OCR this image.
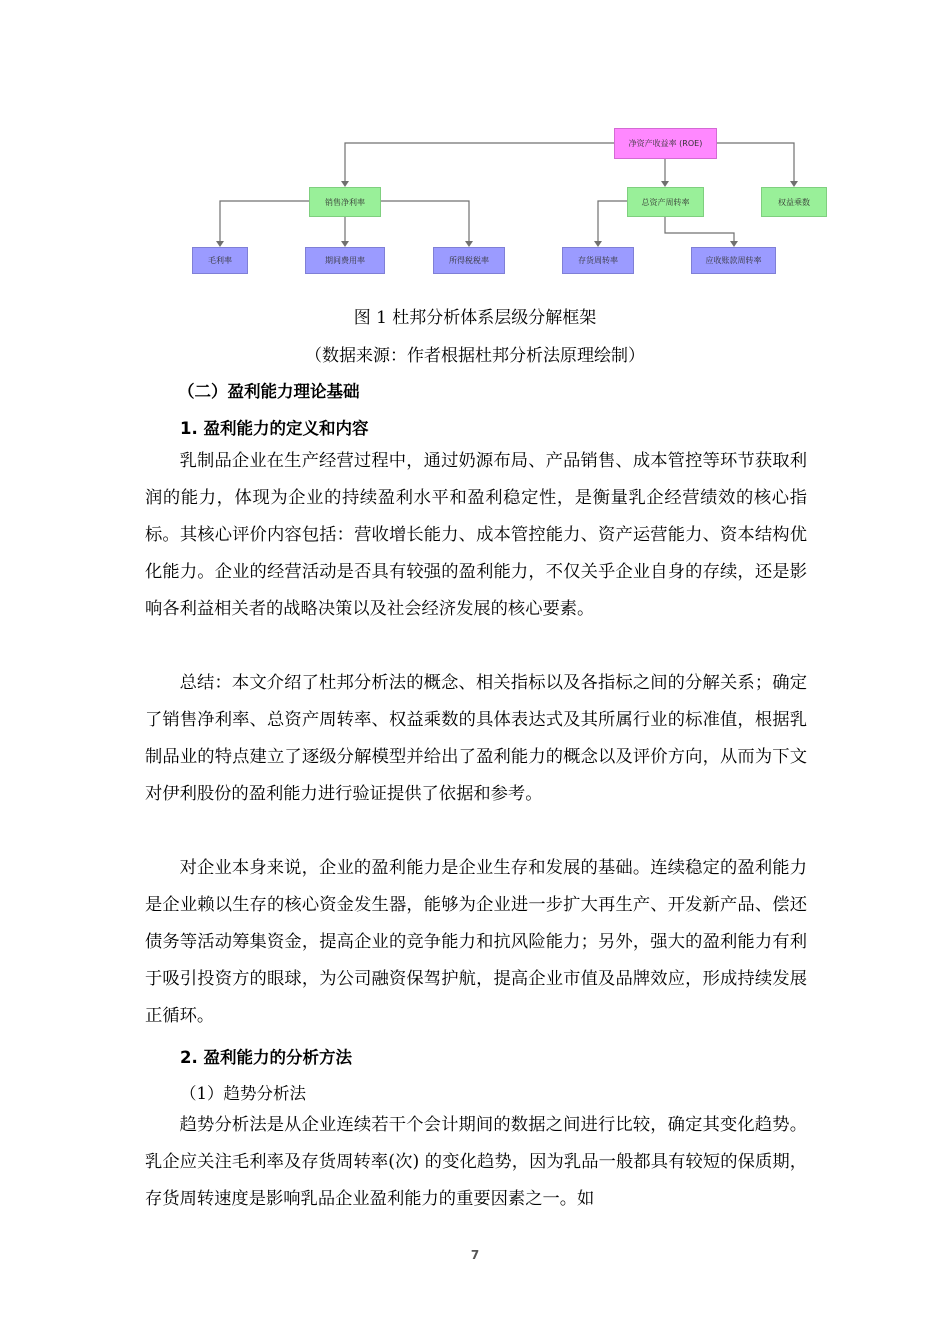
净资产收益率 (ROE)
销售净利率	总资产周转率	权益乘数
毛利率	期间费用率	所得税税率	存货周转率	应收账款周转率
图 1 杜邦分析体系层级分解框架
（数据来源：作者根据杜邦分析法原理绘制）

（二）盈利能力理论基础

1. 盈利能力的定义和内容

乳制品企业在生产经营过程中，通过奶源布局、产品销售、成本管控等环节获取利润的能力，体现为企业的持续盈利水平和盈利稳定性，是衡量乳企经营绩效的核心指标。其核心评价内容包括：营收增长能力、成本管控能力、资产运营能力、资本结构优化能力。企业的经营活动是否具有较强的盈利能力，不仅关乎企业自身的存续，还是影响各利益相关者的战略决策以及社会经济发展的核心要素。

总结：本文介绍了杜邦分析法的概念、相关指标以及各指标之间的分解关系；确定了销售净利率、总资产周转率、权益乘数的具体表达式及其所属行业的标准值，根据乳制品业的特点建立了逐级分解模型并给出了盈利能力的概念以及评价方向，从而为下文对伊利股份的盈利能力进行验证提供了依据和参考。

对企业本身来说，企业的盈利能力是企业生存和发展的基础。连续稳定的盈利能力是企业赖以生存的核心资金发生器，能够为企业进一步扩大再生产、开发新产品、偿还债务等活动筹集资金，提高企业的竞争能力和抗风险能力；另外，强大的盈利能力有利于吸引投资方的眼球，为公司融资保驾护航，提高企业市值及品牌效应，形成持续发展正循环。

2. 盈利能力的分析方法

（1）趋势分析法

趋势分析法是从企业连续若干个会计期间的数据之间进行比较，确定其变化趋势。乳企应关注毛利率及存货周转率(次) 的变化趋势，因为乳品一般都具有较短的保质期，存货周转速度是影响乳品企业盈利能力的重要因素之一。如

7
